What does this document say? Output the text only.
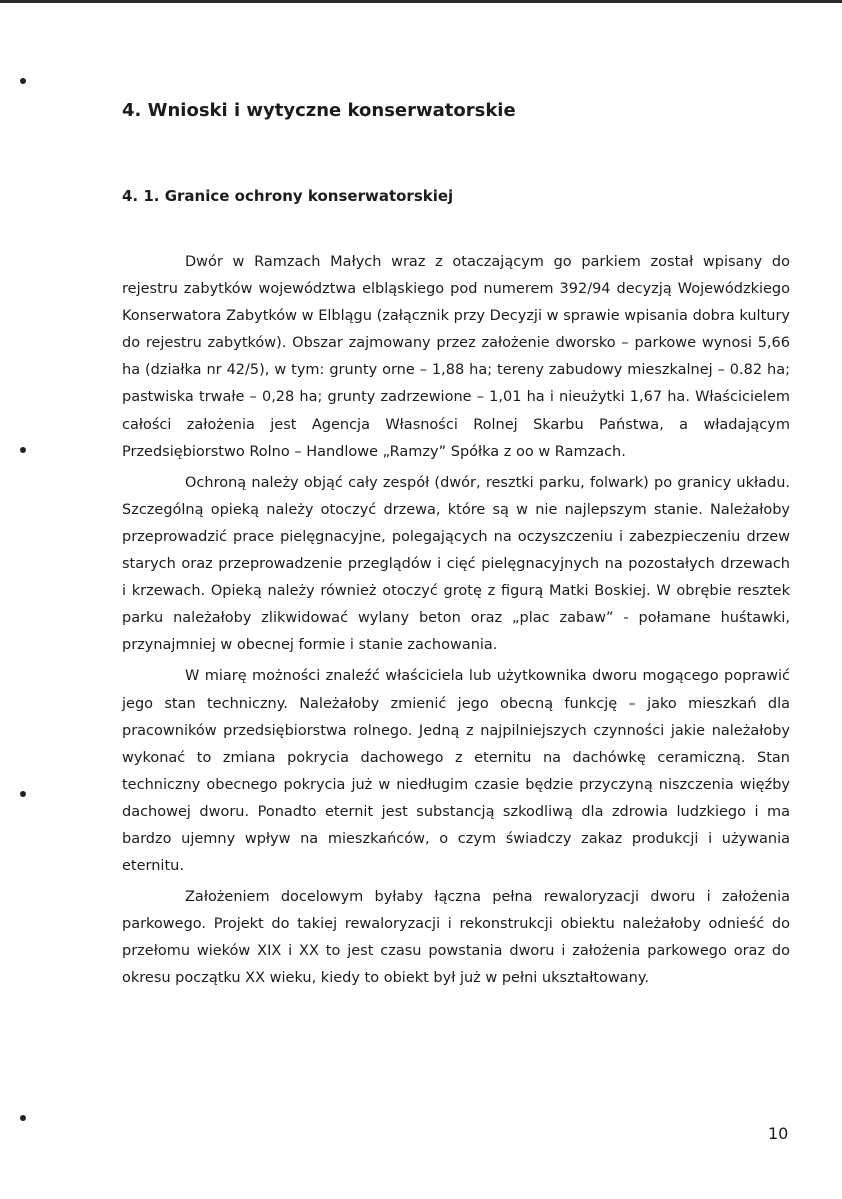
4. Wnioski i wytyczne konserwatorskie
4. 1. Granice ochrony konserwatorskiej

Dwór w Ramzach Małych wraz z otaczającym go parkiem został wpisany do rejestru zabytków województwa elbląskiego pod numerem 392/94 decyzją Wojewódzkiego Konserwatora Zabytków w Elblągu (załącznik przy Decyzji w sprawie wpisania dobra kultury do rejestru zabytków). Obszar zajmowany przez założenie dworsko – parkowe wynosi 5,66 ha (działka nr 42/5), w tym: grunty orne – 1,88 ha; tereny zabudowy mieszkalnej – 0.82 ha; pastwiska trwałe – 0,28 ha; grunty zadrzewione – 1,01 ha i nieużytki 1,67 ha. Właścicielem całości założenia jest Agencja Własności Rolnej Skarbu Państwa, a władającym Przedsiębiorstwo Rolno – Handlowe „Ramzy” Spółka z oo w Ramzach.

Ochroną należy objąć cały zespół (dwór, resztki parku, folwark) po granicy układu. Szczególną opieką należy otoczyć drzewa, które są w nie najlepszym stanie. Należałoby przeprowadzić prace pielęgnacyjne, polegających na oczyszczeniu i zabezpieczeniu drzew starych oraz przeprowadzenie przeglądów i cięć pielęgnacyjnych na pozostałych drzewach i krzewach. Opieką należy również otoczyć grotę z figurą Matki Boskiej. W obrębie resztek parku należałoby zlikwidować wylany beton oraz „plac zabaw” - połamane huśtawki, przynajmniej w obecnej formie i stanie zachowania.

W miarę możności znaleźć właściciela lub użytkownika dworu mogącego poprawić jego stan techniczny. Należałoby zmienić jego obecną funkcję – jako mieszkań dla pracowników przedsiębiorstwa rolnego. Jedną z najpilniejszych czynności jakie należałoby wykonać to zmiana pokrycia dachowego z eternitu na dachówkę ceramiczną. Stan techniczny obecnego pokrycia już w niedługim czasie będzie przyczyną niszczenia więźby dachowej dworu. Ponadto eternit jest substancją szkodliwą dla zdrowia ludzkiego i ma bardzo ujemny wpływ na mieszkańców, o czym świadczy zakaz produkcji i używania eternitu.

Założeniem docelowym byłaby łączna pełna rewaloryzacji dworu i założenia parkowego. Projekt do takiej rewaloryzacji i rekonstrukcji obiektu należałoby odnieść do przełomu wieków XIX i XX to jest czasu powstania dworu i założenia parkowego oraz do okresu początku XX wieku, kiedy to obiekt był już w pełni ukształtowany.

10
